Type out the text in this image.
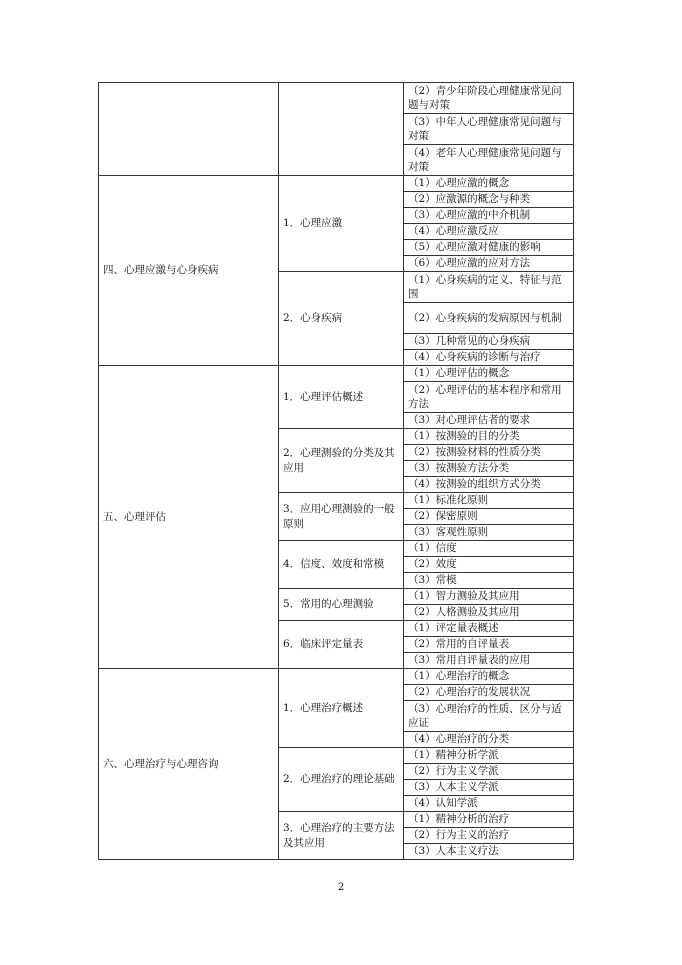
		（2）青少年阶段心理健康常见问题与对策
		（3）中年人心理健康常见问题与对策
		（4）老年人心理健康常见问题与对策
四、心理应激与心身疾病	1．心理应激	（1）心理应激的概念
		（2）应激源的概念与种类
		（3）心理应激的中介机制
		（4）心理应激反应
		（5）心理应激对健康的影响
		（6）心理应激的应对方法
	2．心身疾病	（1）心身疾病的定义、特征与范围
		（2）心身疾病的发病原因与机制
		（3）几种常见的心身疾病
		（4）心身疾病的诊断与治疗
五、心理评估	1．心理评估概述	（1）心理评估的概念
		（2）心理评估的基本程序和常用方法
		（3）对心理评估者的要求
	2．心理测验的分类及其应用	（1）按测验的目的分类
		（2）按测验材料的性质分类
		（3）按测验方法分类
		（4）按测验的组织方式分类
	3．应用心理测验的一般原则	（1）标准化原则
		（2）保密原则
		（3）客观性原则
	4．信度、效度和常模	（1）信度
		（2）效度
		（3）常模
	5．常用的心理测验	（1）智力测验及其应用
		（2）人格测验及其应用
	6．临床评定量表	（1）评定量表概述
		（2）常用的自评量表
		（3）常用自评量表的应用
六、心理治疗与心理咨询	1．心理治疗概述	（1）心理治疗的概念
		（2）心理治疗的发展状况
		（3）心理治疗的性质、区分与适应证
		（4）心理治疗的分类
	2．心理治疗的理论基础	（1）精神分析学派
		（2）行为主义学派
		（3）人本主义学派
		（4）认知学派
	3．心理治疗的主要方法及其应用	（1）精神分析的治疗
		（2）行为主义的治疗
		（3）人本主义疗法
2
